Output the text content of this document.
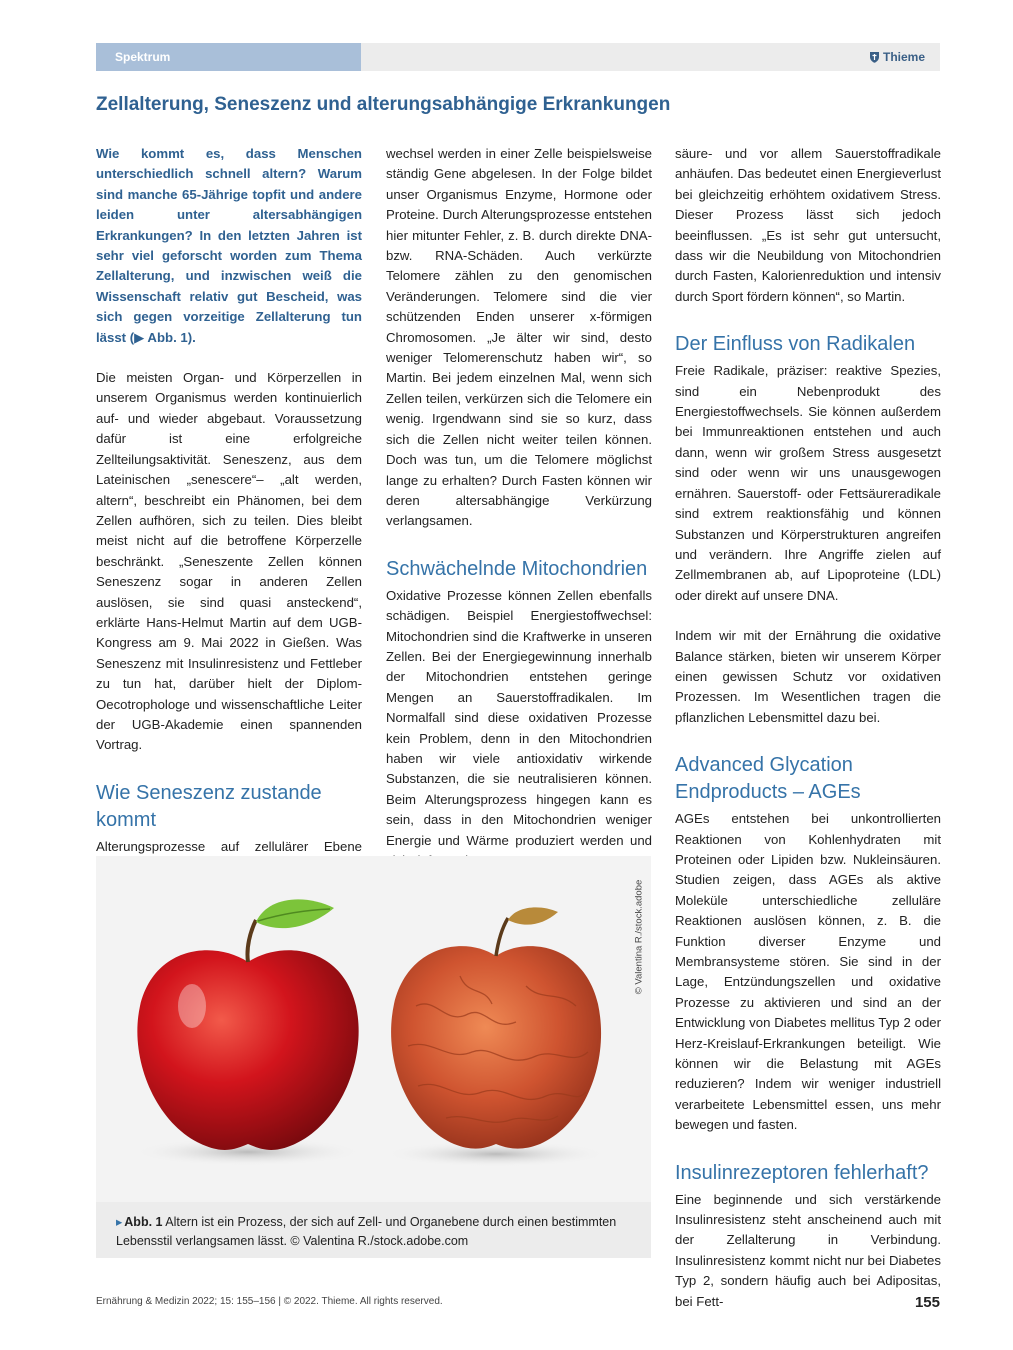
Spektrum	Thieme
Zellalterung, Seneszenz und alterungsabhängige Erkrankungen

Wie kommt es, dass Menschen unterschiedlich schnell altern? Warum sind manche 65-Jährige topfit und andere leiden unter altersabhängigen Erkrankungen? In den letzten Jahren ist sehr viel geforscht worden zum Thema Zellalterung, und inzwischen weiß die Wissenschaft relativ gut Bescheid, was sich gegen vorzeitige Zellalterung tun lässt (▶ Abb. 1).

Die meisten Organ- und Körperzellen in unserem Organismus werden kontinuierlich auf- und wieder abgebaut. Voraussetzung dafür ist eine erfolgreiche Zellteilungsaktivität. Seneszenz, aus dem Lateinischen „senescere“– „alt werden, altern“, beschreibt ein Phänomen, bei dem Zellen aufhören, sich zu teilen. Dies bleibt meist nicht auf die betroffene Körperzelle beschränkt. „Seneszente Zellen können Seneszenz sogar in anderen Zellen auslösen, sie sind quasi ansteckend“, erklärte Hans-Helmut Martin auf dem UGB-Kongress am 9. Mai 2022 in Gießen. Was Seneszenz mit Insulinresistenz und Fettleber zu tun hat, darüber hielt der Diplom-Oecotrophologe und wissenschaftliche Leiter der UGB-Akademie einen spannenden Vortrag.

Wie Seneszenz zustande kommt

Alterungsprozesse auf zellulärer Ebene

wechsel werden in einer Zelle beispielsweise ständig Gene abgelesen. In der Folge bildet unser Organismus Enzyme, Hormone oder Proteine. Durch Alterungsprozesse entstehen hier mitunter Fehler, z. B. durch direkte DNA- bzw. RNA-Schäden. Auch verkürzte Telomere zählen zu den genomischen Veränderungen. Telomere sind die vier schützenden Enden unserer x-förmigen Chromosomen. „Je älter wir sind, desto weniger Telomerenschutz haben wir“, so Martin. Bei jedem einzelnen Mal, wenn sich Zellen teilen, verkürzen sich die Telomere ein wenig. Irgendwann sind sie so kurz, dass sich die Zellen nicht weiter teilen können. Doch was tun, um die Telomere möglichst lange zu erhalten? Durch Fasten können wir deren altersabhängige Verkürzung verlangsamen.

Schwächelnde Mitochondrien

Oxidative Prozesse können Zellen ebenfalls schädigen. Beispiel Energiestoffwechsel: Mitochondrien sind die Kraftwerke in unseren Zellen. Bei der Energiegewinnung innerhalb der Mitochondrien entstehen geringe Mengen an Sauerstoffradikalen. Im Normalfall sind diese oxidativen Prozesse kein Problem, denn in den Mitochondrien haben wir viele antioxidativ wirkende Substanzen, die sie neutralisieren können. Beim Alterungsprozess hingegen kann es sein, dass in den Mitochondrien weniger Energie und Wärme produziert werden und

säure- und vor allem Sauerstoffradikale anhäufen. Das bedeutet einen Energieverlust bei gleichzeitig erhöhtem oxidativem Stress. Dieser Prozess lässt sich jedoch beeinflussen. „Es ist sehr gut untersucht, dass wir die Neubildung von Mitochondrien durch Fasten, Kalorienreduktion und intensiv durch Sport fördern können“, so Martin.

Der Einfluss von Radikalen

Freie Radikale, präziser: reaktive Spezies, sind ein Nebenprodukt des Energiestoffwechsels. Sie können außerdem bei Immunreaktionen entstehen und auch dann, wenn wir großem Stress ausgesetzt sind oder wenn wir uns unausgewogen ernähren. Sauerstoff- oder Fettsäureradikale sind extrem reaktionsfähig und können Substanzen und Körperstrukturen angreifen und verändern. Ihre Angriffe zielen auf Zellmembranen ab, auf Lipoproteine (LDL) oder direkt auf unsere DNA.

Indem wir mit der Ernährung die oxidative Balance stärken, bieten wir unserem Körper einen gewissen Schutz vor oxidativen Prozessen. Im Wesentlichen tragen die pflanzlichen Lebensmittel dazu bei.

Advanced Glycation Endproducts – AGEs

AGEs entstehen bei unkontrollierten Reaktionen von Kohlenhydraten mit Proteinen oder Lipiden bzw. Nukleinsäuren. Studien zeigen, dass AGEs als aktive Moleküle unterschiedliche zelluläre Reaktionen auslösen können, z. B. die Funktion diverser Enzyme und Membransysteme stören. Sie sind in der Lage, Entzündungszellen und oxidative Prozesse zu aktivieren und sind an der Entwicklung von Diabetes mellitus Typ 2 oder Herz-Kreislauf-Erkrankungen beteiligt. Wie können wir die Belastung mit AGEs reduzieren? Indem wir weniger industriell verarbeitete Lebensmittel essen, uns mehr bewegen und fasten.

Insulinrezeptoren fehlerhaft?

Eine beginnende und sich verstärkende Insulinresistenz steht anscheinend auch mit der Zellalterung in Verbindung. Insulinresistenz kommt nicht nur bei Diabetes Typ 2, sondern häufig auch bei Adipositas, bei Fett-

© Valentina R./stock.adobe
▸ Abb. 1 Altern ist ein Prozess, der sich auf Zell- und Organebene durch einen bestimmten Lebensstil verlangsamen lässt. © Valentina R./stock.adobe.com
Ernährung & Medizin 2022; 15: 155–156 | © 2022. Thieme. All rights reserved.	155
